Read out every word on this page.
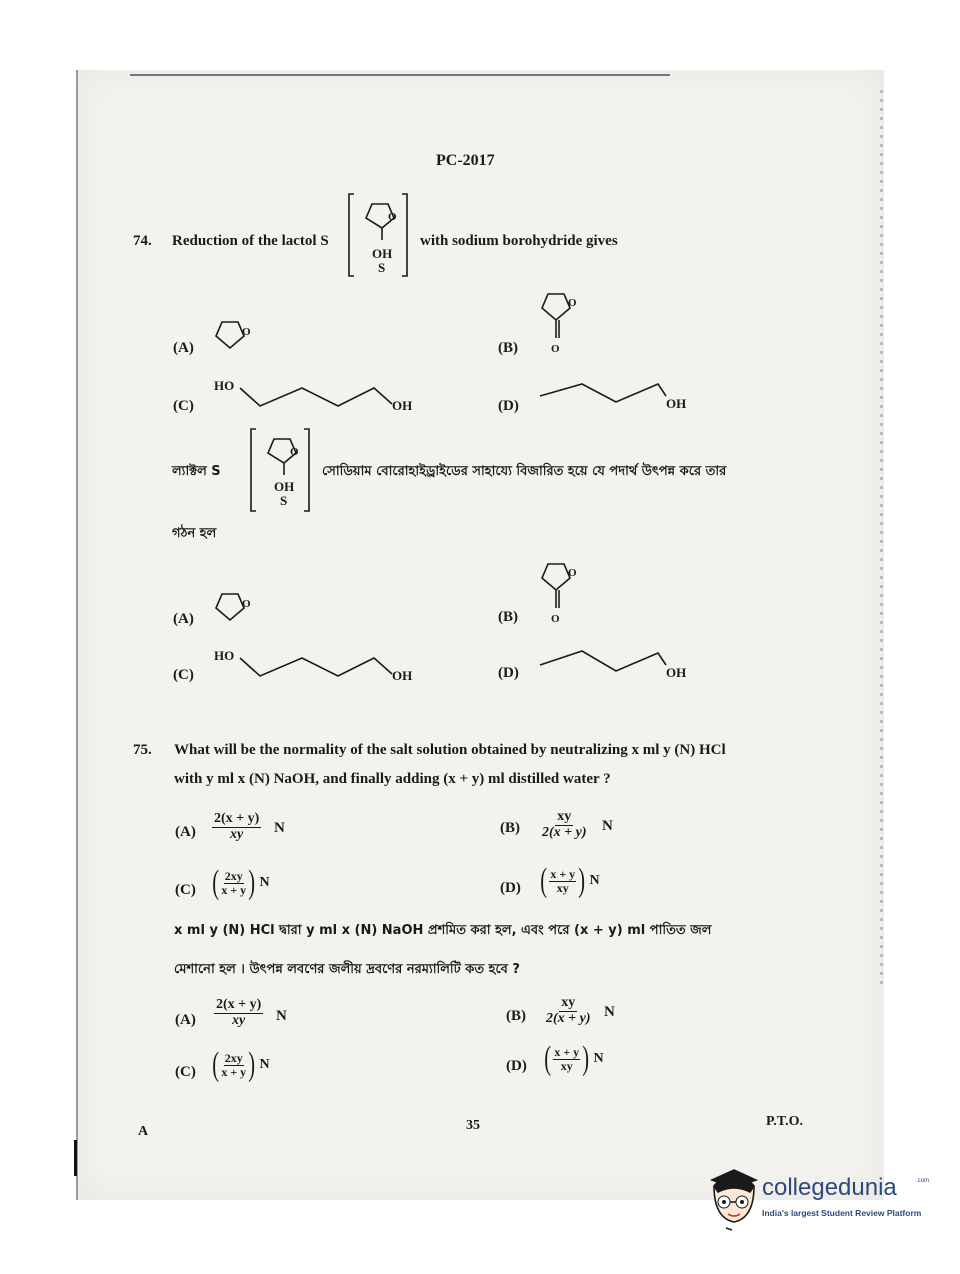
PC-2017
74. Reduction of the lactol S
O
OH
S
with sodium borohydride gives
(A)
O
(B)
O
O
(C)
HO
OH	(D)	OH
ল্যাক্টল S
O
OH
S
সোডিয়াম বোরোহাইড্রাইডের সাহায্যে বিজারিত হয়ে যে পদার্থ উৎপন্ন করে তার
গঠন হল
(A)
O
(B)
O
O
(C)
HO
OH	(D)	OH
75. What will be the normality of the salt solution obtained by neutralizing x ml y (N) HCl
with y ml x (N) NaOH, and finally adding (x + y) ml distilled water ?
$(A) \frac{2(x + y)}{xy}$ N	$(B) \frac{xy}{2(x + y)}$ N
(C) ( $\frac{2xy}{x + y}$ ) N	(D) ( $\frac{x + y}{xy}$ ) N
x ml y (N) HCl দ্বারা y ml x (N) NaOH প্রশমিত করা হল, এবং পরে (x + y) ml পাতিত জল
মেশানো হল । উৎপন্ন লবণের জলীয় দ্রবণের নরম্যালিটি কত হবে ?
$(A) \frac{2(x + y)}{xy}$ N	$(B) \frac{xy}{2(x + y)}$ N
(C) ( $\frac{2xy}{x + y}$ ) N	(D) ( $\frac{x + y}{xy}$ ) N
A	35	P.T.O.
collegedunia	.com
India's largest Student Review Platform
